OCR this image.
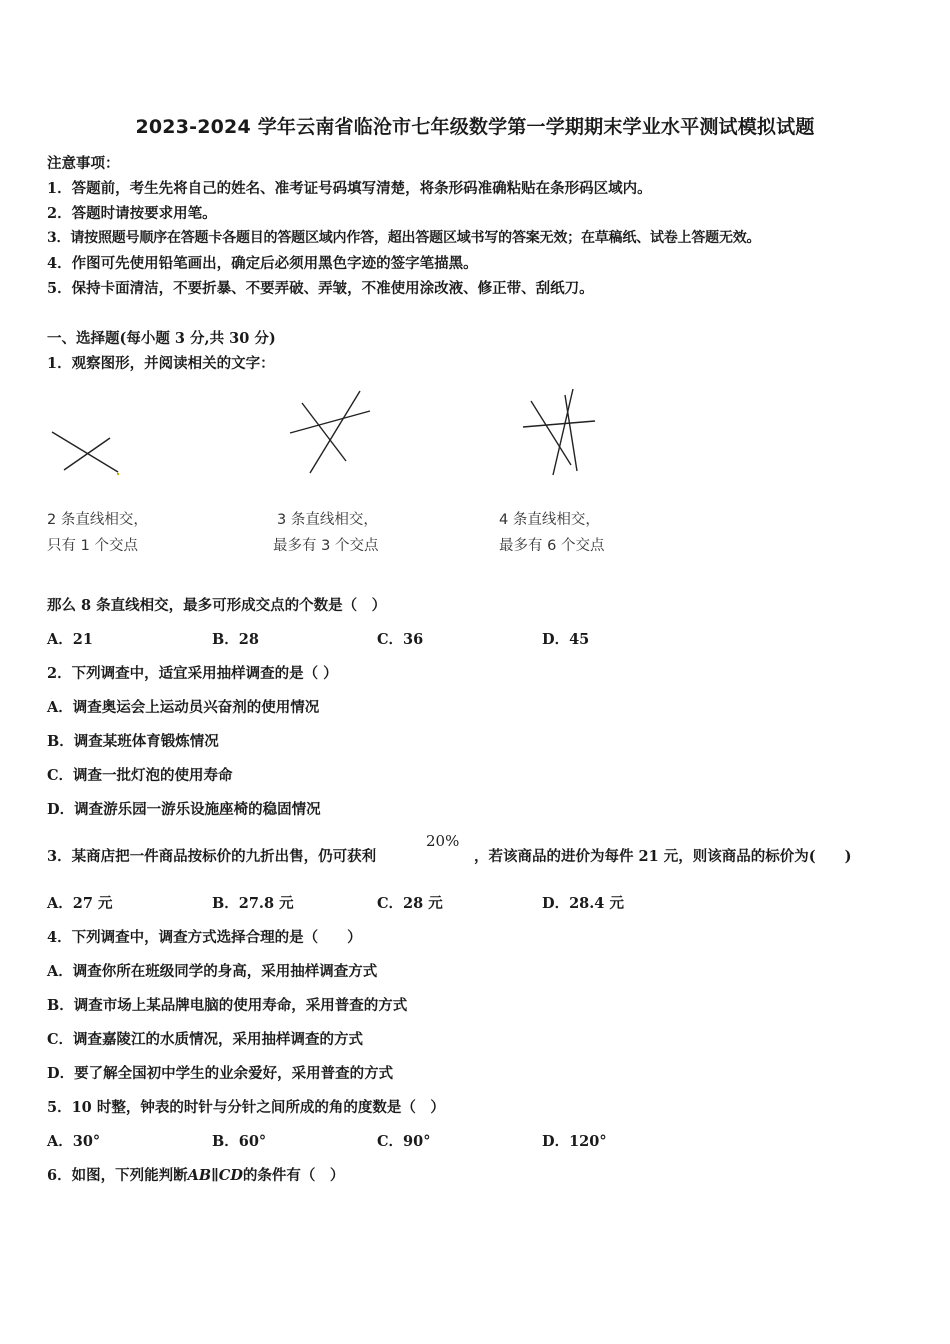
2023-2024 学年云南省临沧市七年级数学第一学期期末学业水平测试模拟试题
注意事项：
1．答题前，考生先将自己的姓名、准考证号码填写清楚，将条形码准确粘贴在条形码区域内。
2．答题时请按要求用笔。
3．请按照题号顺序在答题卡各题目的答题区域内作答，超出答题区域书写的答案无效；在草稿纸、试卷上答题无效。
4．作图可先使用铅笔画出，确定后必须用黑色字迹的签字笔描黑。
5．保持卡面清洁，不要折暴、不要弄破、弄皱，不准使用涂改液、修正带、刮纸刀。
一、选择题(每小题 3 分,共 30 分)
1．观察图形，并阅读相关的文字：
2 条直线相交，
只有 1 个交点
3 条直线相交，
最多有 3 个交点
4 条直线相交，
最多有 6 个交点
那么 8 条直线相交，最多可形成交点的个数是（　）
A．21	B．28	C．36	D．45
2．下列调查中，适宜采用抽样调查的是（ ）
A．调查奥运会上运动员兴奋剂的使用情况
B．调查某班体育锻炼情况
C．调查一批灯泡的使用寿命
D．调查游乐园一游乐设施座椅的稳固情况
3．某商店把一件商品按标价的九折出售，仍可获利
20%
，若该商品的进价为每件 21 元，则该商品的标价为(　　)
A．27 元	B．27.8 元	C．28 元	D．28.4 元
4．下列调查中，调查方式选择合理的是（　　）
A．调查你所在班级同学的身高，采用抽样调查方式
B．调查市场上某品牌电脑的使用寿命，采用普查的方式
C．调查嘉陵江的水质情况，采用抽样调查的方式
D．要了解全国初中学生的业余爱好，采用普查的方式
5．10 时整，钟表的时针与分针之间所成的角的度数是（　）
A．30°	B．60°	C．90°	D．120°
6．如图，下列能判断AB∥CD的条件有（　）
